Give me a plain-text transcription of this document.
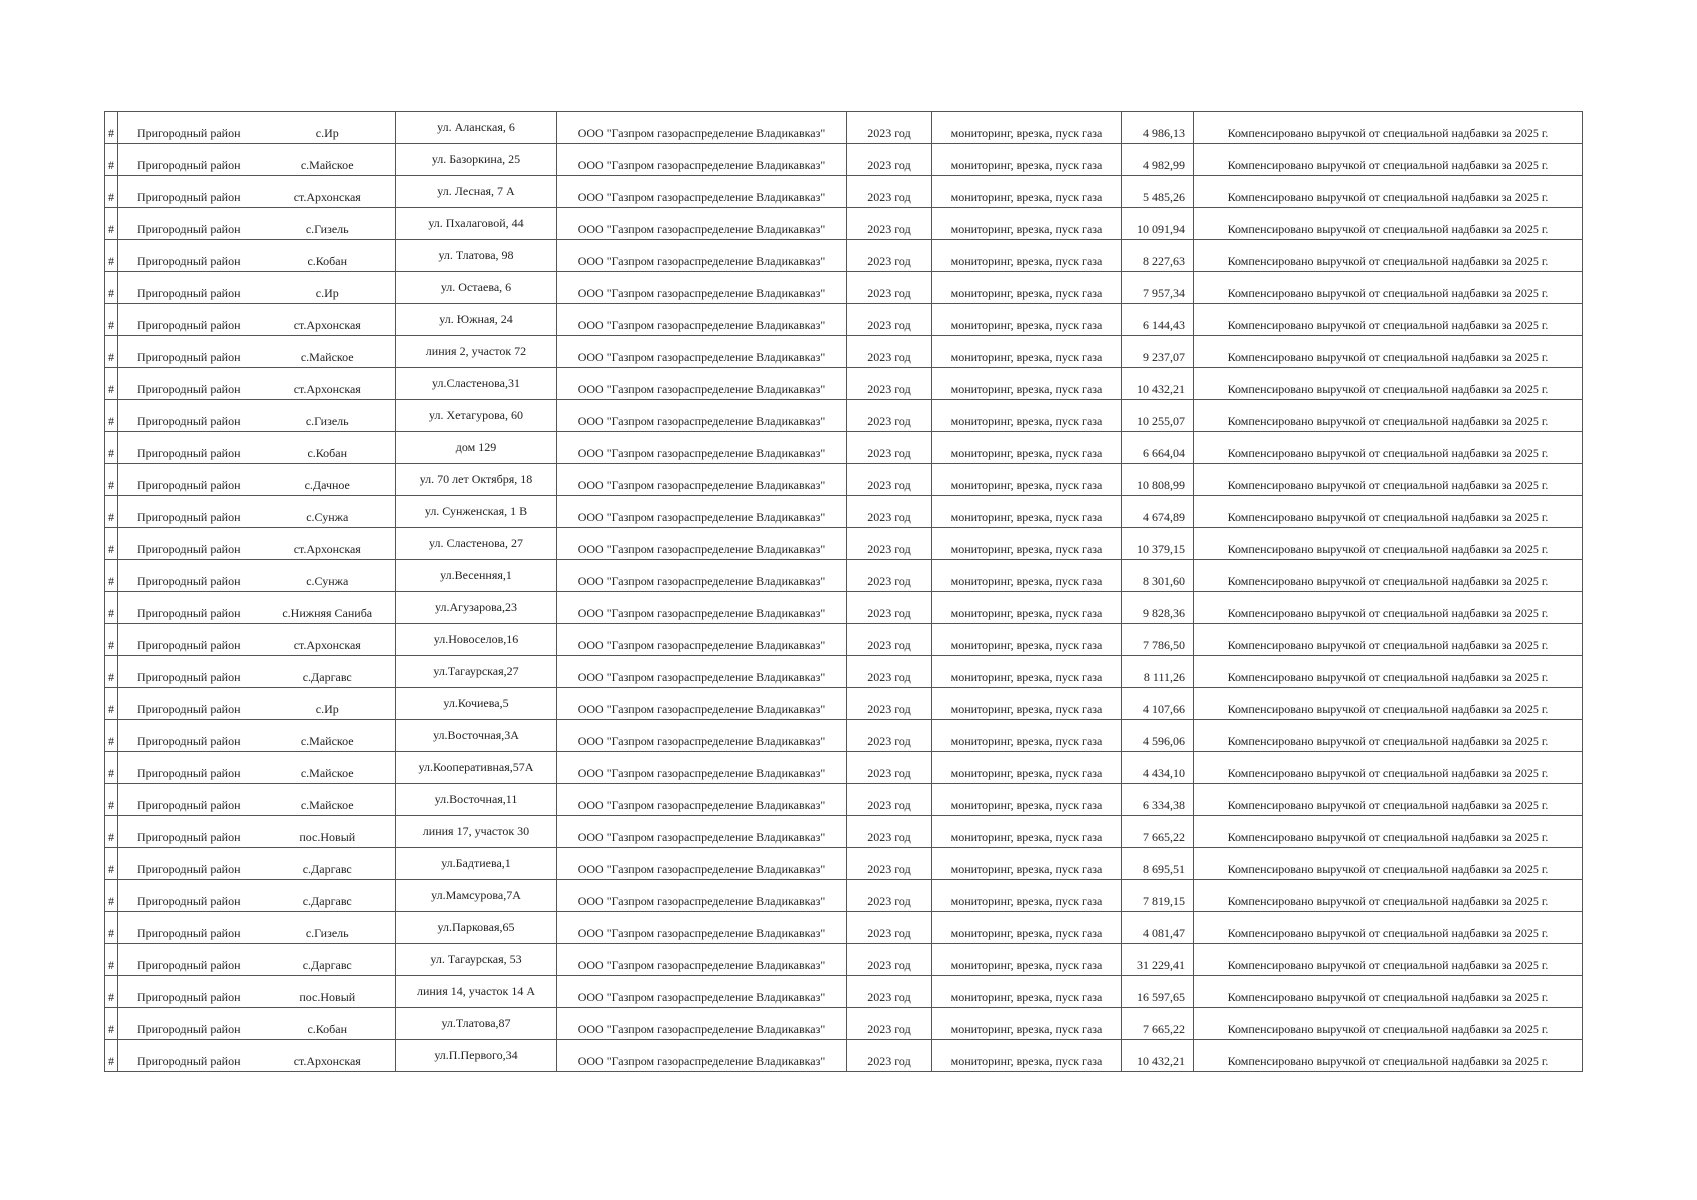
#	Пригородный район	с.Ир	ул. Аланская, 6	ООО "Газпром газораспределение Владикавказ"	2023 год	мониторинг, врезка, пуск газа	4 986,13	Компенсировано выручкой от специальной надбавки за 2025 г.
#	Пригородный район	с.Майское	ул. Базоркина, 25	ООО "Газпром газораспределение Владикавказ"	2023 год	мониторинг, врезка, пуск газа	4 982,99	Компенсировано выручкой от специальной надбавки за 2025 г.
#	Пригородный район	ст.Архонская	ул. Лесная, 7 А	ООО "Газпром газораспределение Владикавказ"	2023 год	мониторинг, врезка, пуск газа	5 485,26	Компенсировано выручкой от специальной надбавки за 2025 г.
#	Пригородный район	с.Гизель	ул. Пхалаговой, 44	ООО "Газпром газораспределение Владикавказ"	2023 год	мониторинг, врезка, пуск газа	10 091,94	Компенсировано выручкой от специальной надбавки за 2025 г.
#	Пригородный район	с.Кобан	ул. Тлатова, 98	ООО "Газпром газораспределение Владикавказ"	2023 год	мониторинг, врезка, пуск газа	8 227,63	Компенсировано выручкой от специальной надбавки за 2025 г.
#	Пригородный район	с.Ир	ул. Остаева, 6	ООО "Газпром газораспределение Владикавказ"	2023 год	мониторинг, врезка, пуск газа	7 957,34	Компенсировано выручкой от специальной надбавки за 2025 г.
#	Пригородный район	ст.Архонская	ул. Южная, 24	ООО "Газпром газораспределение Владикавказ"	2023 год	мониторинг, врезка, пуск газа	6 144,43	Компенсировано выручкой от специальной надбавки за 2025 г.
#	Пригородный район	с.Майское	линия 2, участок 72	ООО "Газпром газораспределение Владикавказ"	2023 год	мониторинг, врезка, пуск газа	9 237,07	Компенсировано выручкой от специальной надбавки за 2025 г.
#	Пригородный район	ст.Архонская	ул.Сластенова,31	ООО "Газпром газораспределение Владикавказ"	2023 год	мониторинг, врезка, пуск газа	10 432,21	Компенсировано выручкой от специальной надбавки за 2025 г.
#	Пригородный район	с.Гизель	ул. Хетагурова, 60	ООО "Газпром газораспределение Владикавказ"	2023 год	мониторинг, врезка, пуск газа	10 255,07	Компенсировано выручкой от специальной надбавки за 2025 г.
#	Пригородный район	с.Кобан	дом 129	ООО "Газпром газораспределение Владикавказ"	2023 год	мониторинг, врезка, пуск газа	6 664,04	Компенсировано выручкой от специальной надбавки за 2025 г.
#	Пригородный район	с.Дачное	ул. 70 лет Октября, 18	ООО "Газпром газораспределение Владикавказ"	2023 год	мониторинг, врезка, пуск газа	10 808,99	Компенсировано выручкой от специальной надбавки за 2025 г.
#	Пригородный район	с.Сунжа	ул. Сунженская, 1 В	ООО "Газпром газораспределение Владикавказ"	2023 год	мониторинг, врезка, пуск газа	4 674,89	Компенсировано выручкой от специальной надбавки за 2025 г.
#	Пригородный район	ст.Архонская	ул. Сластенова, 27	ООО "Газпром газораспределение Владикавказ"	2023 год	мониторинг, врезка, пуск газа	10 379,15	Компенсировано выручкой от специальной надбавки за 2025 г.
#	Пригородный район	с.Сунжа	ул.Весенняя,1	ООО "Газпром газораспределение Владикавказ"	2023 год	мониторинг, врезка, пуск газа	8 301,60	Компенсировано выручкой от специальной надбавки за 2025 г.
#	Пригородный район	с.Нижняя Саниба	ул.Агузарова,23	ООО "Газпром газораспределение Владикавказ"	2023 год	мониторинг, врезка, пуск газа	9 828,36	Компенсировано выручкой от специальной надбавки за 2025 г.
#	Пригородный район	ст.Архонская	ул.Новоселов,16	ООО "Газпром газораспределение Владикавказ"	2023 год	мониторинг, врезка, пуск газа	7 786,50	Компенсировано выручкой от специальной надбавки за 2025 г.
#	Пригородный район	с.Даргавс	ул.Тагаурская,27	ООО "Газпром газораспределение Владикавказ"	2023 год	мониторинг, врезка, пуск газа	8 111,26	Компенсировано выручкой от специальной надбавки за 2025 г.
#	Пригородный район	с.Ир	ул.Кочиева,5	ООО "Газпром газораспределение Владикавказ"	2023 год	мониторинг, врезка, пуск газа	4 107,66	Компенсировано выручкой от специальной надбавки за 2025 г.
#	Пригородный район	с.Майское	ул.Восточная,3А	ООО "Газпром газораспределение Владикавказ"	2023 год	мониторинг, врезка, пуск газа	4 596,06	Компенсировано выручкой от специальной надбавки за 2025 г.
#	Пригородный район	с.Майское	ул.Кооперативная,57А	ООО "Газпром газораспределение Владикавказ"	2023 год	мониторинг, врезка, пуск газа	4 434,10	Компенсировано выручкой от специальной надбавки за 2025 г.
#	Пригородный район	с.Майское	ул.Восточная,11	ООО "Газпром газораспределение Владикавказ"	2023 год	мониторинг, врезка, пуск газа	6 334,38	Компенсировано выручкой от специальной надбавки за 2025 г.
#	Пригородный район	пос.Новый	линия 17, участок 30	ООО "Газпром газораспределение Владикавказ"	2023 год	мониторинг, врезка, пуск газа	7 665,22	Компенсировано выручкой от специальной надбавки за 2025 г.
#	Пригородный район	с.Даргавс	ул.Бадтиева,1	ООО "Газпром газораспределение Владикавказ"	2023 год	мониторинг, врезка, пуск газа	8 695,51	Компенсировано выручкой от специальной надбавки за 2025 г.
#	Пригородный район	с.Даргавс	ул.Мамсурова,7А	ООО "Газпром газораспределение Владикавказ"	2023 год	мониторинг, врезка, пуск газа	7 819,15	Компенсировано выручкой от специальной надбавки за 2025 г.
#	Пригородный район	с.Гизель	ул.Парковая,65	ООО "Газпром газораспределение Владикавказ"	2023 год	мониторинг, врезка, пуск газа	4 081,47	Компенсировано выручкой от специальной надбавки за 2025 г.
#	Пригородный район	с.Даргавс	ул. Тагаурская, 53	ООО "Газпром газораспределение Владикавказ"	2023 год	мониторинг, врезка, пуск газа	31 229,41	Компенсировано выручкой от специальной надбавки за 2025 г.
#	Пригородный район	пос.Новый	линия 14, участок 14 А	ООО "Газпром газораспределение Владикавказ"	2023 год	мониторинг, врезка, пуск газа	16 597,65	Компенсировано выручкой от специальной надбавки за 2025 г.
#	Пригородный район	с.Кобан	ул.Тлатова,87	ООО "Газпром газораспределение Владикавказ"	2023 год	мониторинг, врезка, пуск газа	7 665,22	Компенсировано выручкой от специальной надбавки за 2025 г.
#	Пригородный район	ст.Архонская	ул.П.Первого,34	ООО "Газпром газораспределение Владикавказ"	2023 год	мониторинг, врезка, пуск газа	10 432,21	Компенсировано выручкой от специальной надбавки за 2025 г.
